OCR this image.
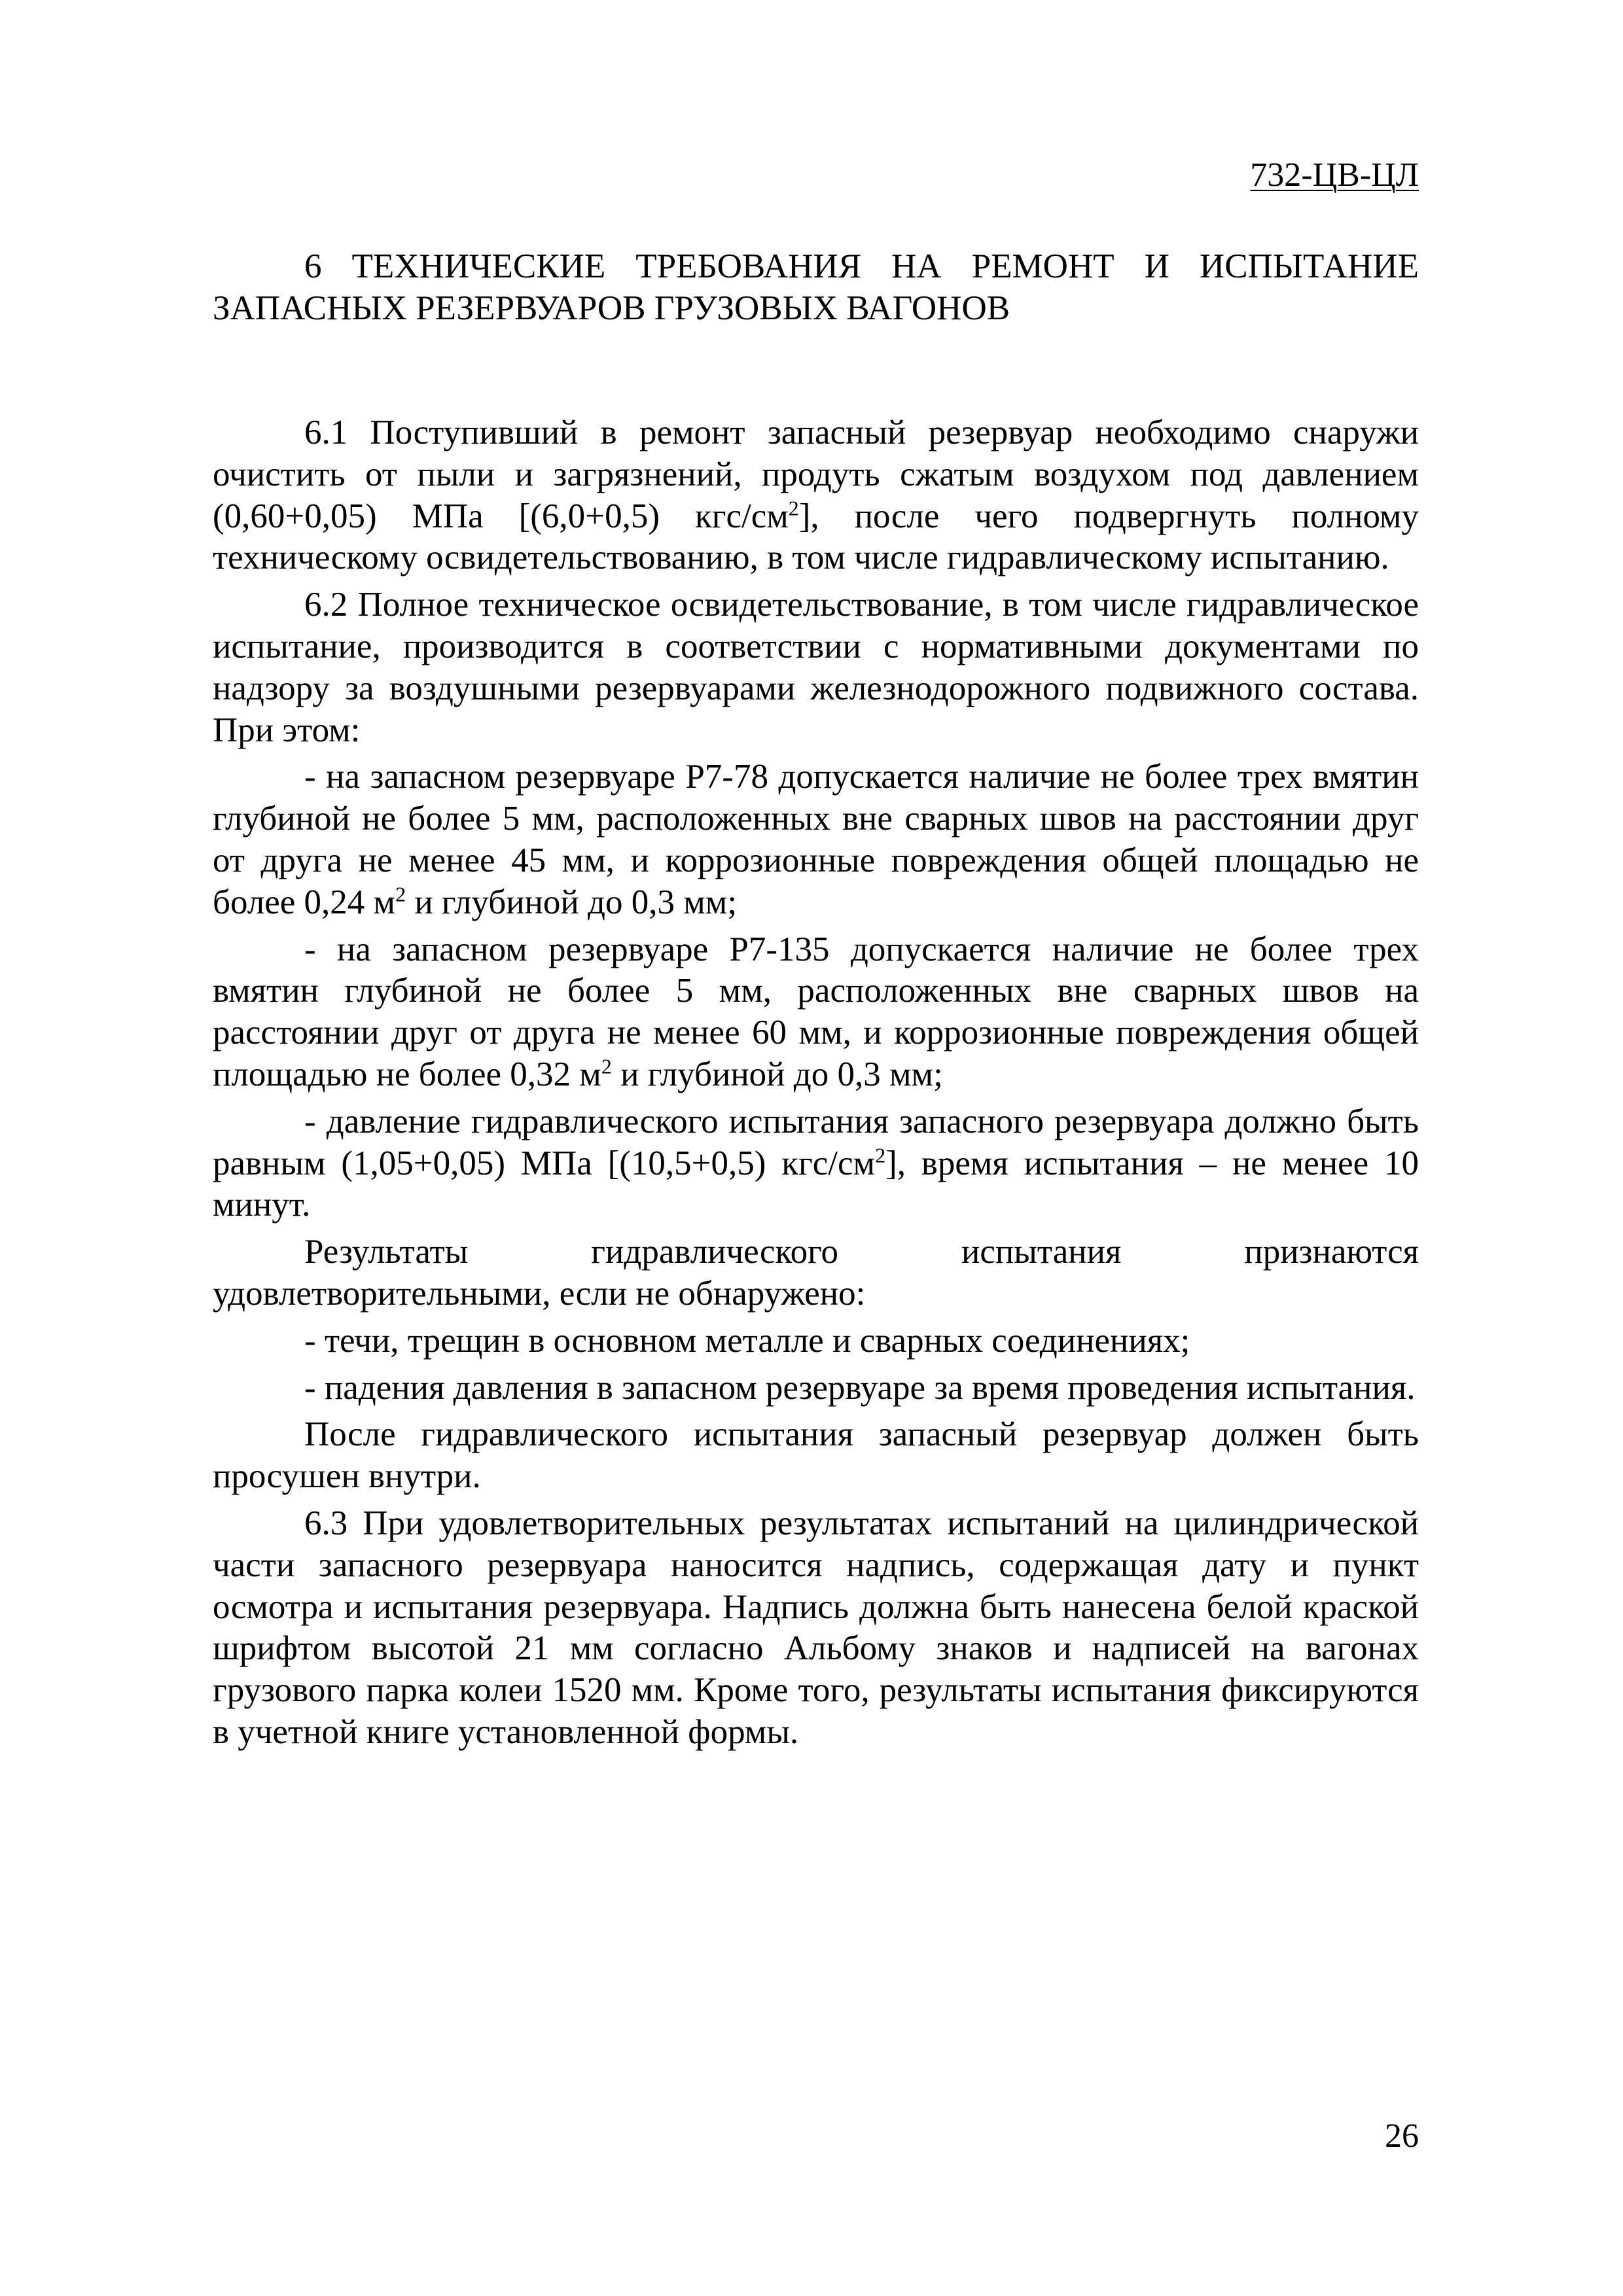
732-ЦВ-ЦЛ
6 ТЕХНИЧЕСКИЕ ТРЕБОВАНИЯ НА РЕМОНТ И ИСПЫТАНИЕ ЗАПАСНЫХ РЕЗЕРВУАРОВ ГРУЗОВЫХ ВАГОНОВ

6.1 Поступивший в ремонт запасный резервуар необходимо снаружи очистить от пыли и загрязнений, продуть сжатым воздухом под давлением (0,60+0,05) МПа [(6,0+0,5) кгс/$см^2$], после чего подвергнуть полному техническому освидетельствованию, в том числе гидравлическому испытанию.

6.2 Полное техническое освидетельствование, в том числе гидравлическое испытание, производится в соответствии с нормативными документами по надзору за воздушными резервуарами железнодорожного подвижного состава. При этом:

- на запасном резервуаре Р7-78 допускается наличие не более трех вмятин глубиной не более 5 мм, расположенных вне сварных швов на расстоянии друг от друга не менее 45 мм, и коррозионные повреждения общей площадью не более 0,24 $м^2$ и глубиной до 0,3 мм;

- на запасном резервуаре Р7-135 допускается наличие не более трех вмятин глубиной не более 5 мм, расположенных вне сварных швов на расстоянии друг от друга не менее 60 мм, и коррозионные повреждения общей площадью не более 0,32 $м^2$ и глубиной до 0,3 мм;

- давление гидравлического испытания запасного резервуара должно быть равным (1,05+0,05) МПа [(10,5+0,5) кгс/$см^2$], время испытания – не менее 10 минут.

Результаты гидравлического испытания признаются удовлетворительными, если не обнаружено:

- течи, трещин в основном металле и сварных соединениях;

- падения давления в запасном резервуаре за время проведения испытания.

После гидравлического испытания запасный резервуар должен быть просушен внутри.

6.3 При удовлетворительных результатах испытаний на цилиндрической части запасного резервуара наносится надпись, содержащая дату и пункт осмотра и испытания резервуара. Надпись должна быть нанесена белой краской шрифтом высотой 21 мм согласно Альбому знаков и надписей на вагонах грузового парка колеи 1520 мм. Кроме того, результаты испытания фиксируются в учетной книге установленной формы.

26
